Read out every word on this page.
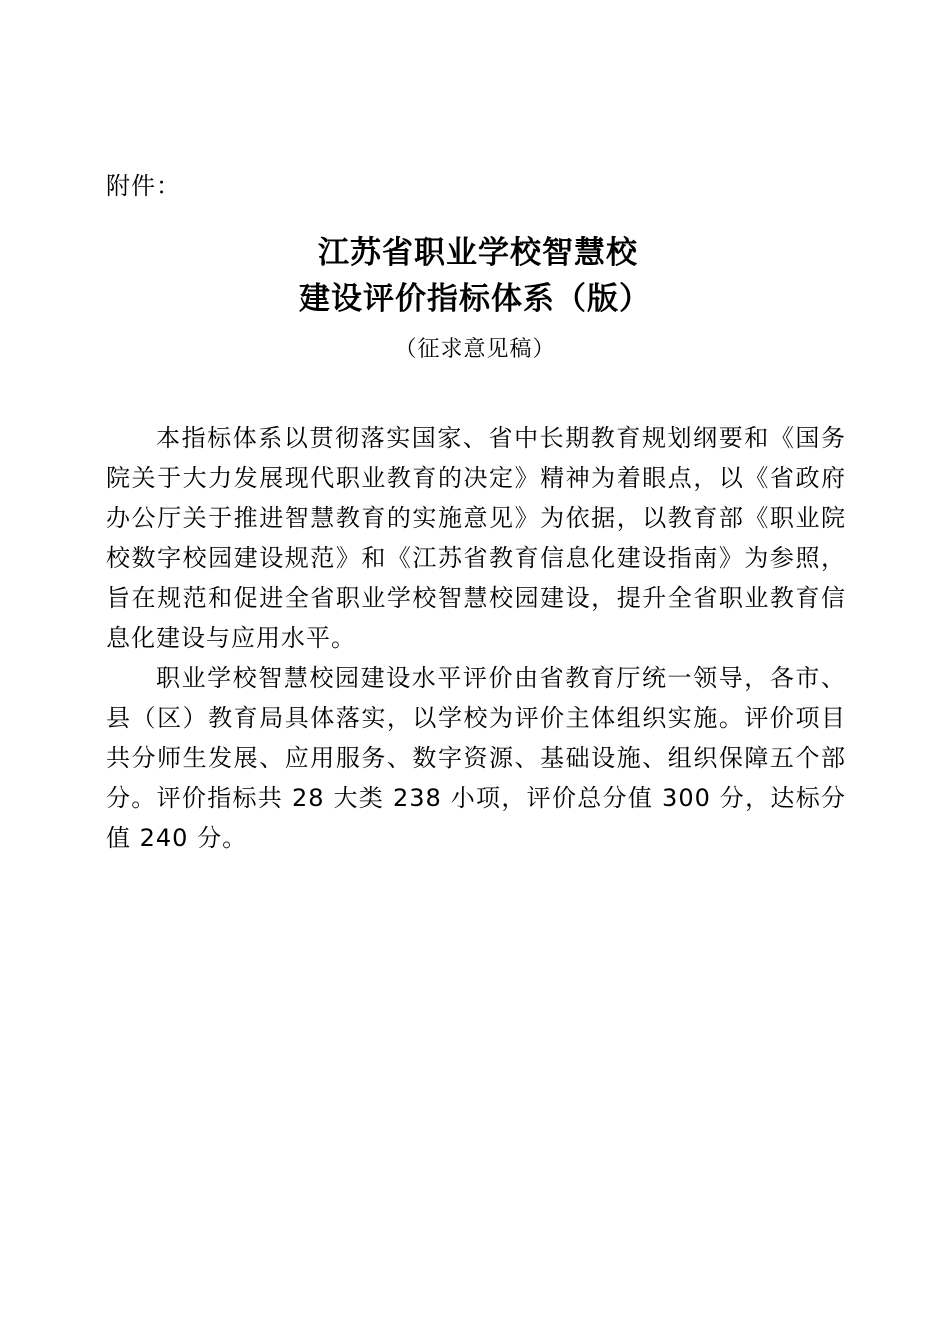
附件：
江苏省职业学校智慧校
建设评价指标体系（版）
（征求意见稿）

本指标体系以贯彻落实国家、省中长期教育规划纲要和《国务院关于大力发展现代职业教育的决定》精神为着眼点，以《省政府办公厅关于推进智慧教育的实施意见》为依据，以教育部《职业院校数字校园建设规范》和《江苏省教育信息化建设指南》为参照，旨在规范和促进全省职业学校智慧校园建设，提升全省职业教育信息化建设与应用水平。

职业学校智慧校园建设水平评价由省教育厅统一领导，各市、县（区）教育局具体落实，以学校为评价主体组织实施。评价项目共分师生发展、应用服务、数字资源、基础设施、组织保障五个部分。评价指标共 28 大类 238 小项，评价总分值 300 分，达标分值 240 分。
